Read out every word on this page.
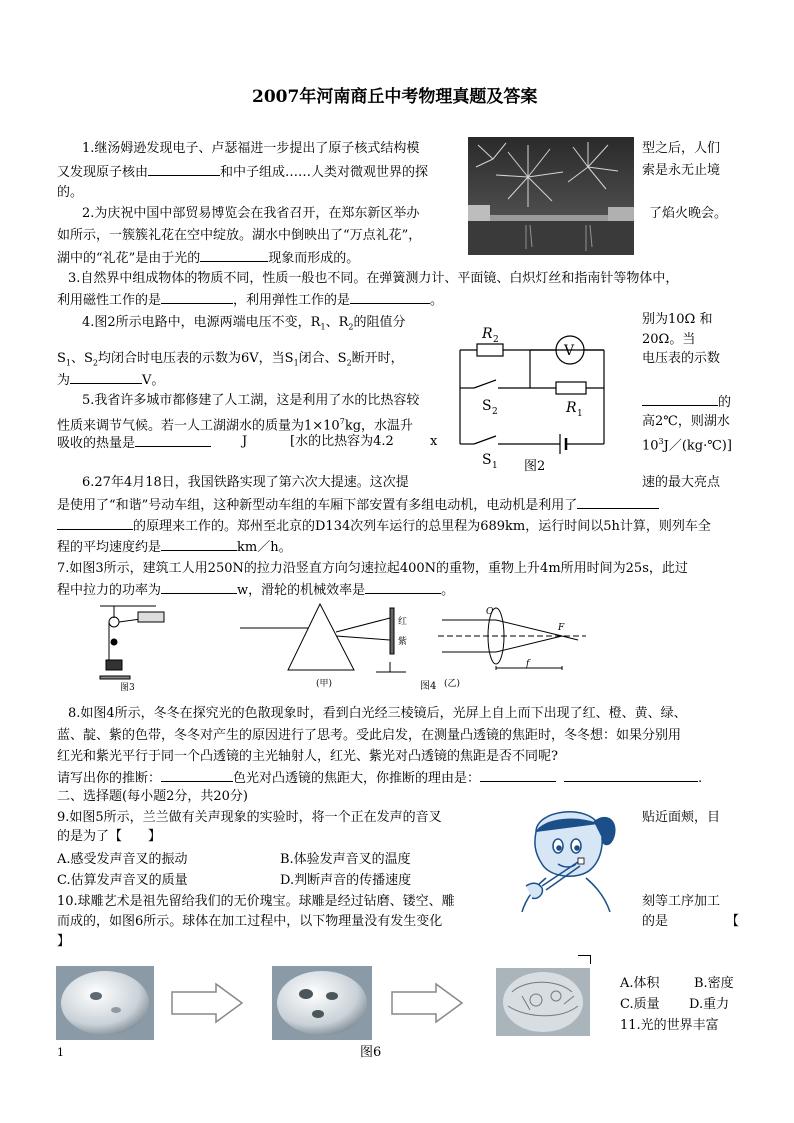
2007年河南商丘中考物理真题及答案
1.继汤姆逊发现电子、卢瑟福进一步提出了原子核式结构模	型之后，人们
又发现原子核由	和中子组成……人类对微观世界的探	索是永无止境
的。
2.为庆祝中国中部贸易博览会在我省召开，在郑东新区举办	了焰火晚会。
如所示，一簇簇礼花在空中绽放。湖水中倒映出了“万点礼花”，
湖中的“礼花”是由于光的	现象而形成的。
3.自然界中组成物体的物质不同，性质一般也不同。在弹簧测力计、平面镜、白炽灯丝和指南针等物体中，
利用磁性工作的是	，利用弹性工作的是	。
4.图2所示电路中，电源两端电压不变，$R_1$、$R_2$的阻值分	别为10Ω 和
20Ω。当
$S_1$、$S_2$均闭合时电压表的示数为6V，当$S_1$闭合、$S_2$断开时，	电压表的示数
为	V。
R 2
V
R 1
S 2
S 1 图2
5.我省许多城市都修建了人工湖，这是利用了水的比热容较	的
性质来调节气候。若一人工湖湖水的质量为$1\times 10^7kg$，水温升	高2℃，则湖水
吸收的热量是	J	[水的比热容为4.2	x	$10^3J/(kg\cdot℃)$]
6.27年4月18日，我国铁路实现了第六次大提速。这次提	速的最大亮点
是使用了“和谐”号动车组，这种新型动车组的车厢下部安置有多组电动机，电动机是利用了
的原理来工作的。郑州至北京的D134次列车运行的总里程为689km，运行时间以5h计算，则列车全
程的平均速度约是	km／h。
7.如图3所示，建筑工人用250N的拉力沿竖直方向匀速拉起400N的重物，重物上升4m所用时间为25s，此过
程中拉力的功率为	w，滑轮的机械效率是	。
图3
红
紫
(甲)
O
F
f
(乙)
图4
8.如图4所示，冬冬在探究光的色散现象时，看到白光经三棱镜后，光屏上自上而下出现了红、橙、黄、绿、
蓝、靛、紫的色带，冬冬对产生的原因进行了思考。受此启发，在测量凸透镜的焦距时，冬冬想：如果分别用
红光和紫光平行于同一个凸透镜的主光轴射人，红光、紫光对凸透镜的焦距是否不同呢?
请写出你的推断：	色光对凸透镜的焦距大，你推断的理由是：	.
二、选择题(每小题2分，共20分)
9.如图5所示，兰兰做有关声现象的实验时，将一个正在发声的音叉	贴近面颊，目
的是为了【　　】
A.感受发声音叉的振动	B.体验发声音叉的温度
C.估算发声音叉的质量	D.判断声音的传播速度
10.球雕艺术是祖先留给我们的无价瑰宝。球雕是经过钻磨、镂空、雕	刻等工序加工
而成的，如图6所示。球体在加工过程中，以下物理量没有发生变化	的是	【
】
A.体积	B.密度
C.质量 D.重力
11.光的世界丰富
1	图6
